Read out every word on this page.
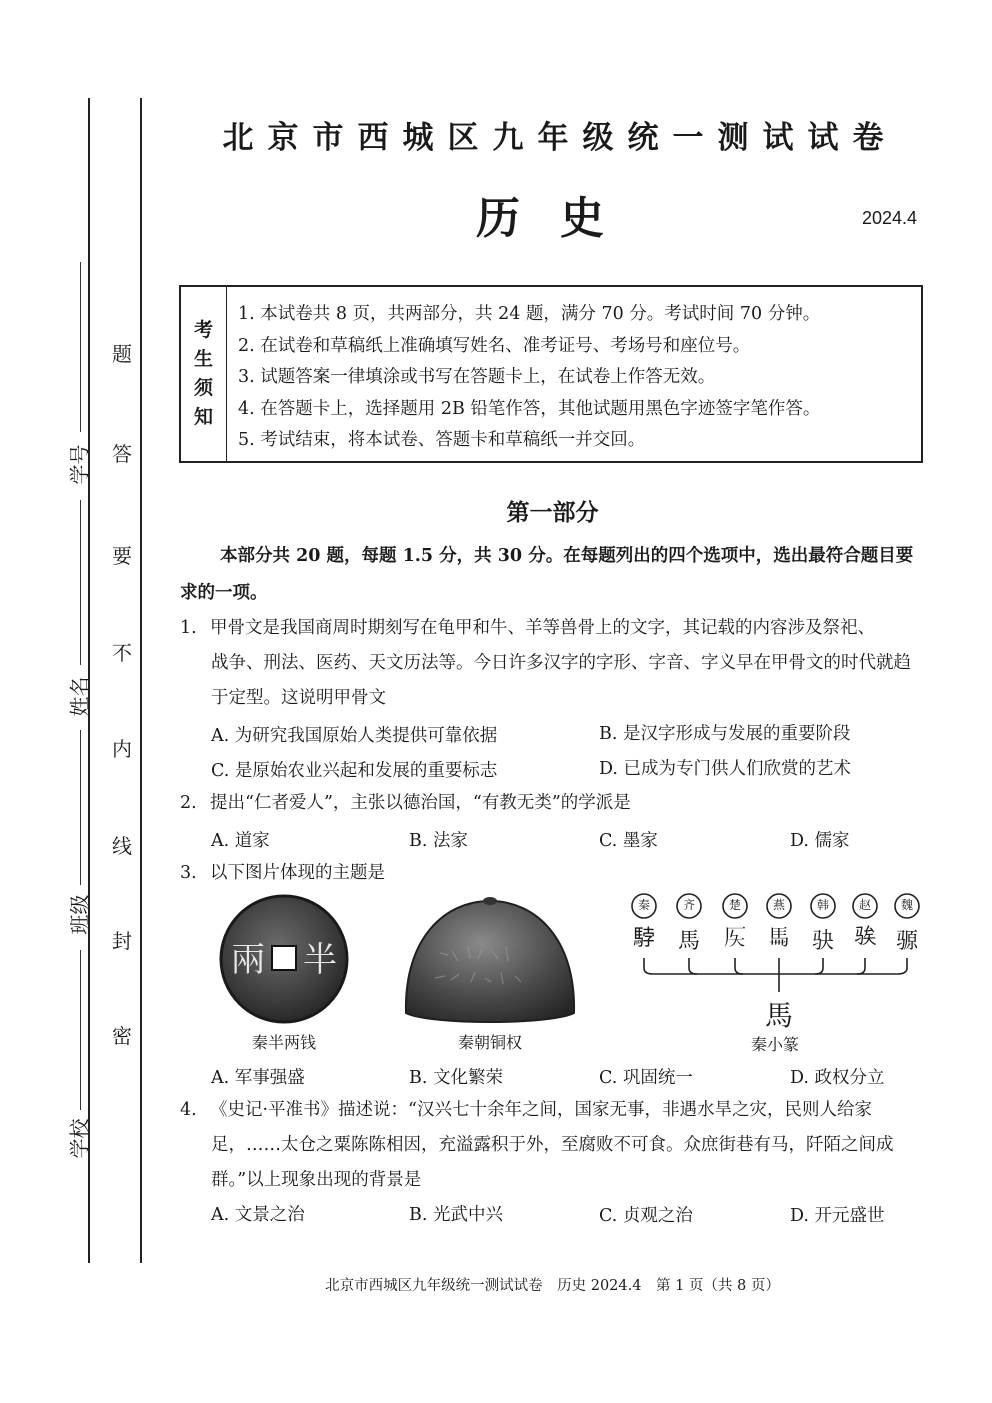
题
答
要
不
内
线
封
密
学号
姓名
班级
学校
北京市西城区九年级统一测试试卷
历史	2024.4
考
生
须
知
1. 本试卷共 8 页，共两部分，共 24 题，满分 70 分。考试时间 70 分钟。
2. 在试卷和草稿纸上准确填写姓名、准考证号、考场号和座位号。
3. 试题答案一律填涂或书写在答题卡上，在试卷上作答无效。
4. 在答题卡上，选择题用 2B 铅笔作答，其他试题用黑色字迹签字笔作答。
5. 考试结束，将本试卷、答题卡和草稿纸一并交回。
第一部分
本部分共 20 题，每题 1.5 分，共 30 分。在每题列出的四个选项中，选出最符合题目要求的一项。
1. 甲骨文是我国商周时期刻写在龟甲和牛、羊等兽骨上的文字，其记载的内容涉及祭祀、
战争、刑法、医药、天文历法等。今日许多汉字的字形、字音、字义早在甲骨文的时代就趋于定型。这说明甲骨文
A. 为研究我国原始人类提供可靠依据	B. 是汉字形成与发展的重要阶段
C. 是原始农业兴起和发展的重要标志	D. 已成为专门供人们欣赏的艺术
2. 提出“仁者爱人”，主张以德治国，“有教无类”的学派是
A. 道家	B. 法家	C. 墨家	D. 儒家
3. 以下图片体现的主题是
兩 半
秦半两钱	秦朝铜权
秦	齐	楚	燕	韩 赵 魏
𩣡 馬 𠨮 𩡧 𫘝 𫘤 𫘪
馬
秦小篆
A. 军事强盛	B. 文化繁荣	C. 巩固统一	D. 政权分立
4. 《史记·平准书》描述说：“汉兴七十余年之间，国家无事，非遇水旱之灾，民则人给家
足，……太仓之粟陈陈相因，充溢露积于外，至腐败不可食。众庶街巷有马，阡陌之间成群。”以上现象出现的背景是
A. 文景之治	B. 光武中兴	C. 贞观之治	D. 开元盛世
北京市西城区九年级统一测试试卷　历史 2024.4　第 1 页（共 8 页）
